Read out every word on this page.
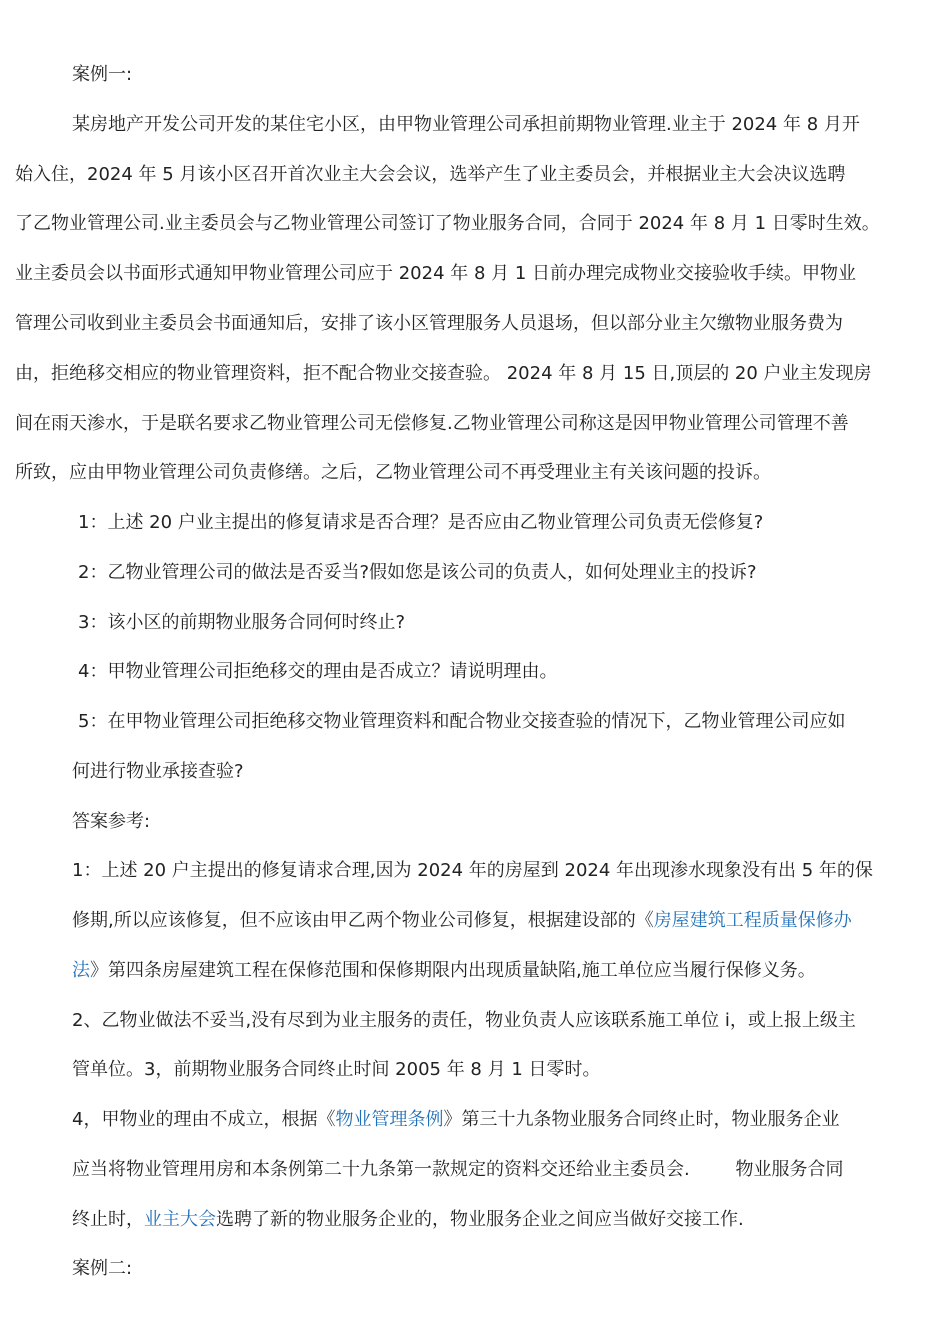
案例一:
某房地产开发公司开发的某住宅小区，由甲物业管理公司承担前期物业管理.业主于 2024 年 8 月开
始入住，2024 年 5 月该小区召开首次业主大会会议，选举产生了业主委员会，并根据业主大会决议选聘
了乙物业管理公司.业主委员会与乙物业管理公司签订了物业服务合同，合同于 2024 年 8 月 1 日零时生效。
业主委员会以书面形式通知甲物业管理公司应于 2024 年 8 月 1 日前办理完成物业交接验收手续。甲物业
管理公司收到业主委员会书面通知后，安排了该小区管理服务人员退场，但以部分业主欠缴物业服务费为
由，拒绝移交相应的物业管理资料，拒不配合物业交接查验。 2024 年 8 月 15 日,顶层的 20 户业主发现房
间在雨天渗水，于是联名要求乙物业管理公司无偿修复.乙物业管理公司称这是因甲物业管理公司管理不善
所致，应由甲物业管理公司负责修缮。之后，乙物业管理公司不再受理业主有关该问题的投诉。
1：上述 20 户业主提出的修复请求是否合理？是否应由乙物业管理公司负责无偿修复?
2：乙物业管理公司的做法是否妥当?假如您是该公司的负责人，如何处理业主的投诉?
3：该小区的前期物业服务合同何时终止?
4：甲物业管理公司拒绝移交的理由是否成立？请说明理由。
5：在甲物业管理公司拒绝移交物业管理资料和配合物业交接查验的情况下，乙物业管理公司应如
何进行物业承接查验?
答案参考:
1：上述 20 户主提出的修复请求合理,因为 2024 年的房屋到 2024 年出现渗水现象没有出 5 年的保
修期,所以应该修复，但不应该由甲乙两个物业公司修复，根据建设部的《房屋建筑工程质量保修办
法》第四条房屋建筑工程在保修范围和保修期限内出现质量缺陷,施工单位应当履行保修义务。
2、乙物业做法不妥当,没有尽到为业主服务的责任，物业负责人应该联系施工单位 i，或上报上级主
管单位。3，前期物业服务合同终止时间 2005 年 8 月 1 日零时。
4，甲物业的理由不成立，根据《物业管理条例》第三十九条物业服务合同终止时，物业服务企业
应当将物业管理用房和本条例第二十九条第一款规定的资料交还给业主委员会.        物业服务合同
终止时，业主大会选聘了新的物业服务企业的，物业服务企业之间应当做好交接工作.
案例二:
